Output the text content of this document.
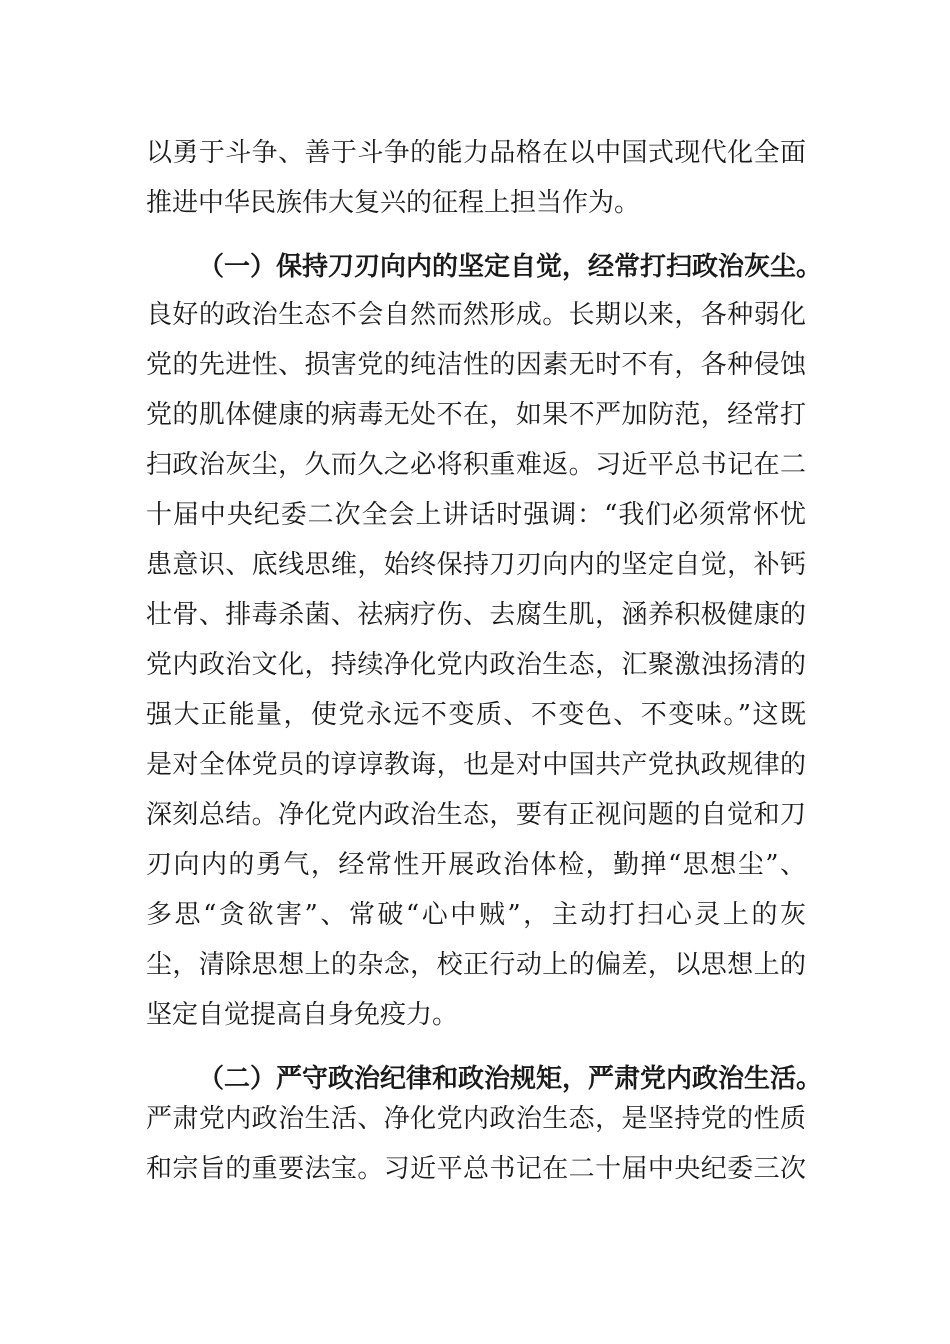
以勇于斗争、善于斗争的能力品格在以中国式现代化全面
推进中华民族伟大复兴的征程上担当作为。
（一）保持刀刃向内的坚定自觉，经常打扫政治灰尘。
良好的政治生态不会自然而然形成。长期以来，各种弱化
党的先进性、损害党的纯洁性的因素无时不有，各种侵蚀
党的肌体健康的病毒无处不在，如果不严加防范，经常打
扫政治灰尘，久而久之必将积重难返。习近平总书记在二
十届中央纪委二次全会上讲话时强调：“我们必须常怀忧
患意识、底线思维，始终保持刀刃向内的坚定自觉，补钙
壮骨、排毒杀菌、祛病疗伤、去腐生肌，涵养积极健康的
党内政治文化，持续净化党内政治生态，汇聚激浊扬清的
强大正能量，使党永远不变质、不变色、不变味。”这既
是对全体党员的谆谆教诲，也是对中国共产党执政规律的
深刻总结。净化党内政治生态，要有正视问题的自觉和刀
刃向内的勇气，经常性开展政治体检，勤掸“思想尘”、
多思“贪欲害”、常破“心中贼”，主动打扫心灵上的灰
尘，清除思想上的杂念，校正行动上的偏差，以思想上的
坚定自觉提高自身免疫力。
（二）严守政治纪律和政治规矩，严肃党内政治生活。
严肃党内政治生活、净化党内政治生态，是坚持党的性质
和宗旨的重要法宝。习近平总书记在二十届中央纪委三次
